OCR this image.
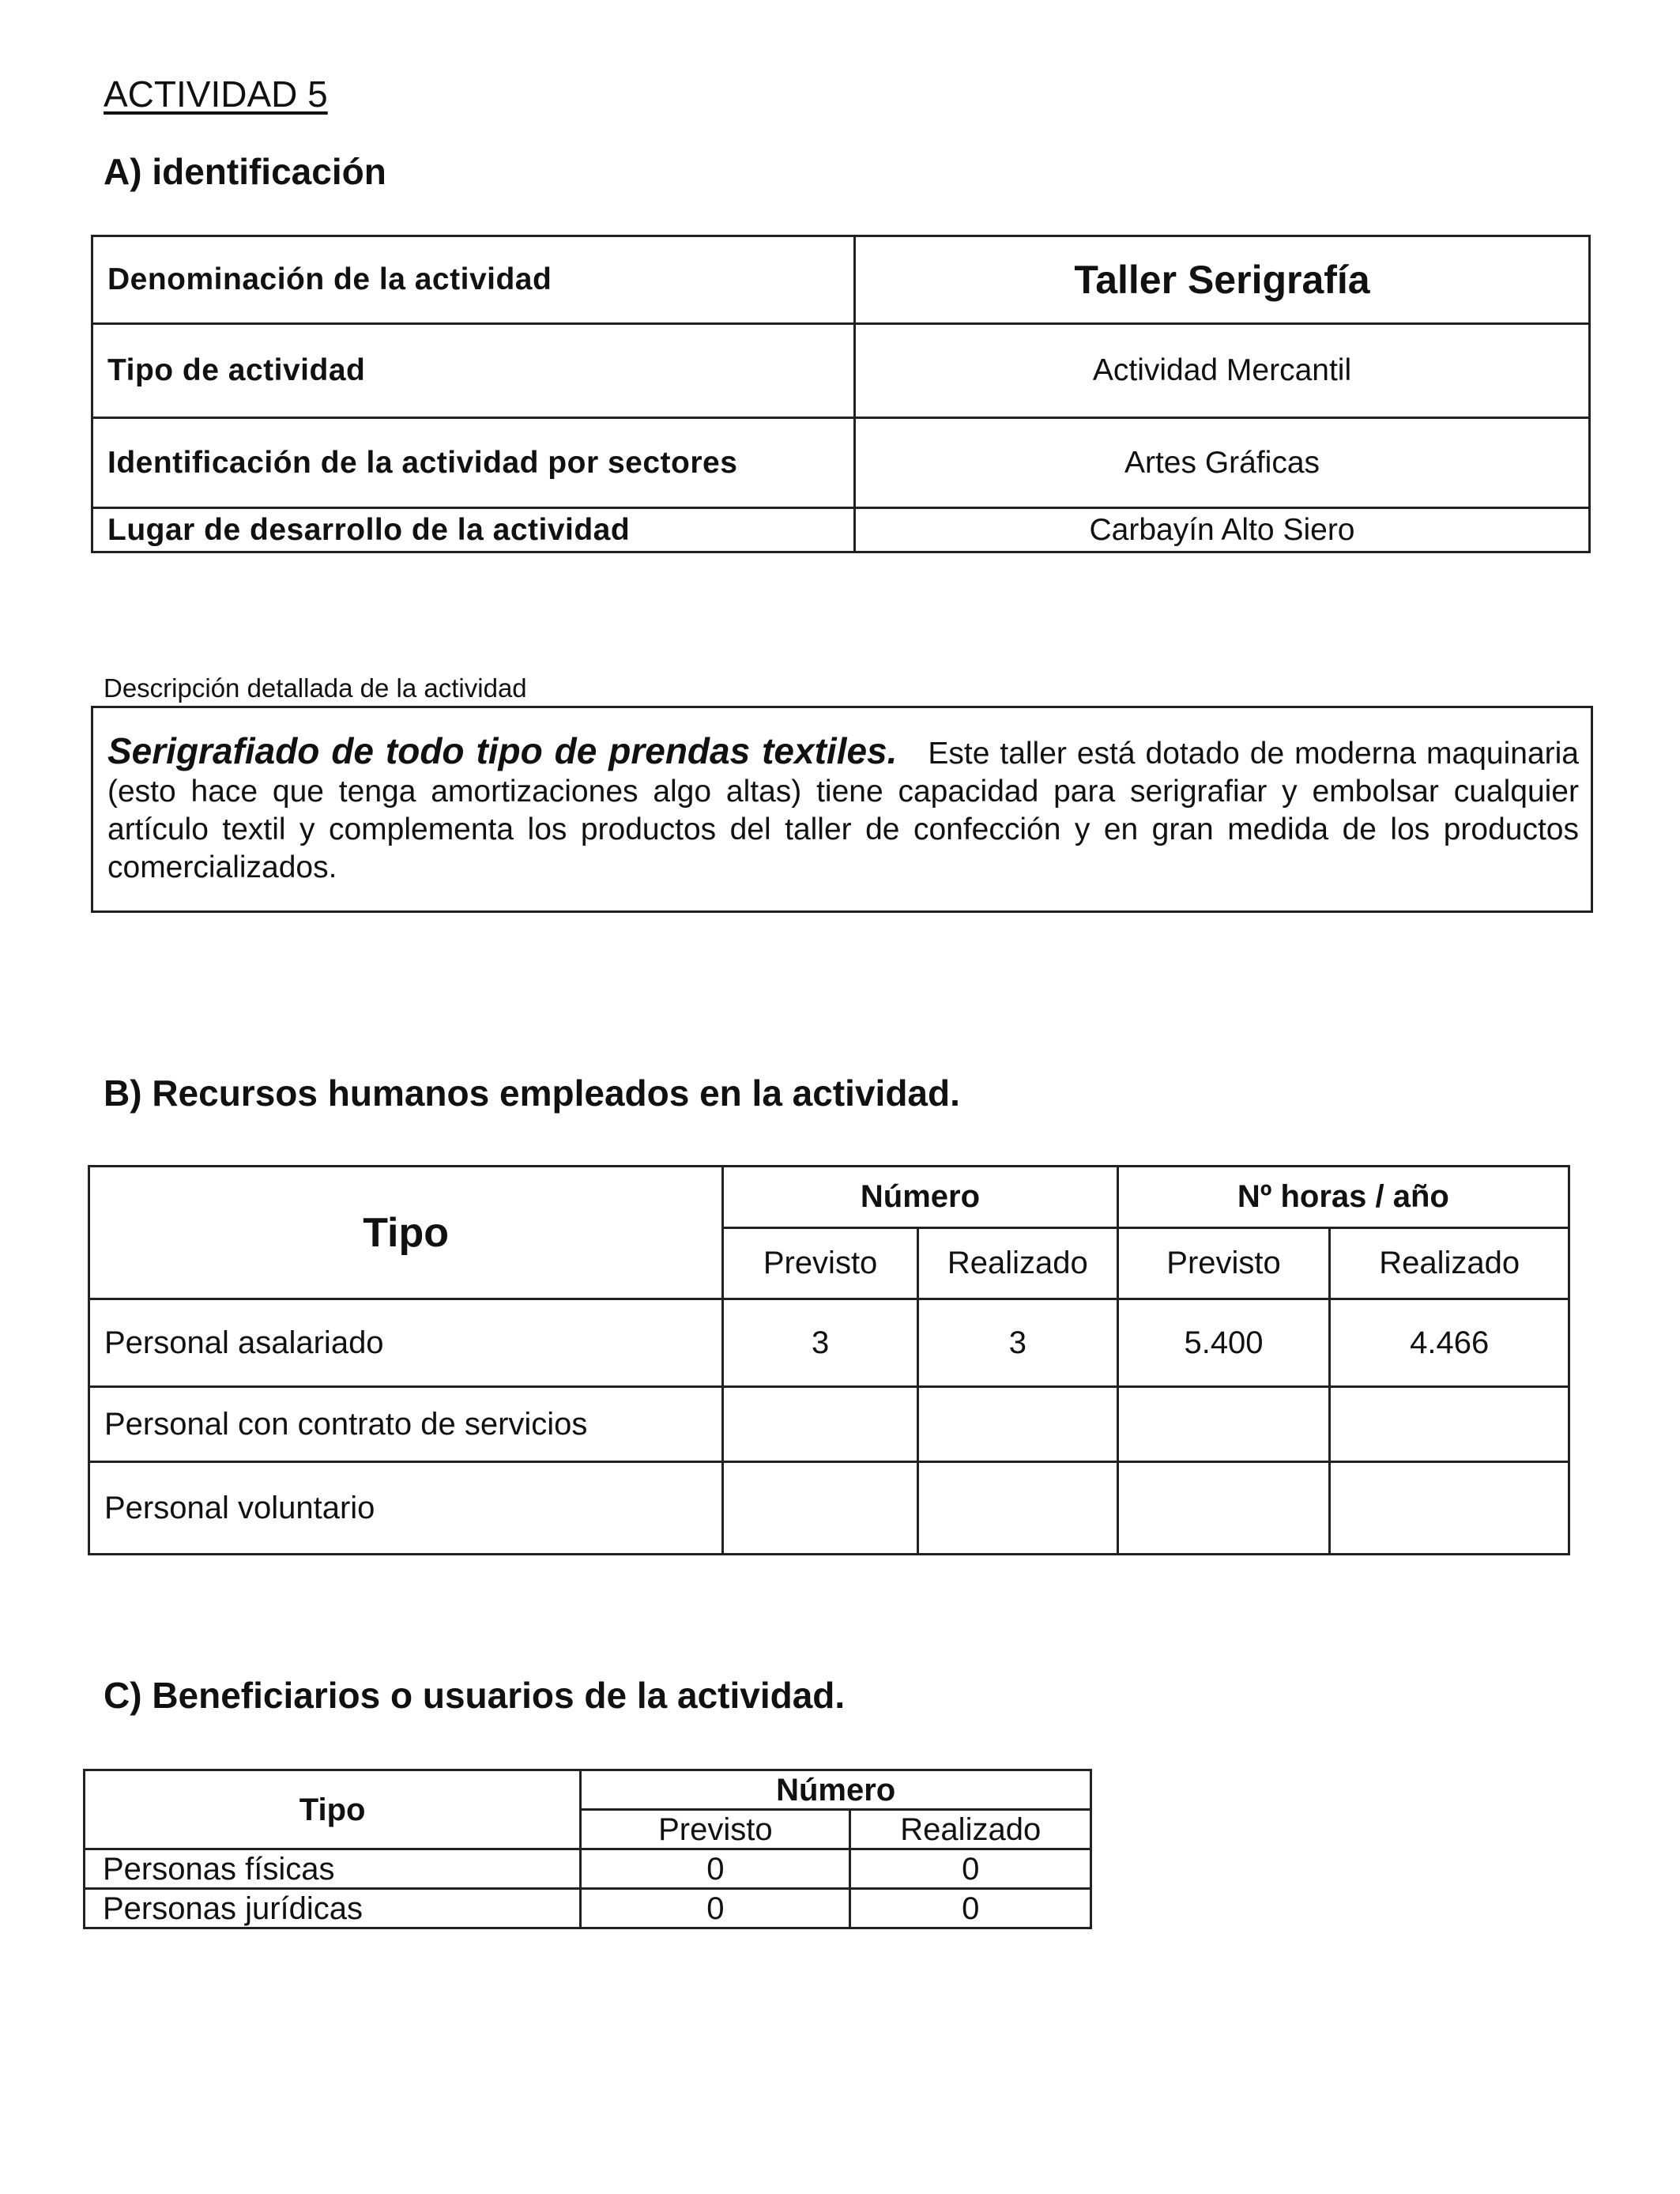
ACTIVIDAD 5
A) identificación
Denominación de la actividad	Taller Serigrafía
Tipo de actividad	Actividad Mercantil
Identificación de la actividad por sectores	Artes Gráficas
Lugar de desarrollo de la actividad	Carbayín Alto Siero
Descripción detallada de la actividad
Serigrafiado de todo tipo de prendas textiles. Este taller está dotado de moderna maquinaria (esto hace que tenga amortizaciones algo altas) tiene capacidad para serigrafiar y embolsar cualquier artículo textil y complementa los productos del taller de confección y en gran medida de los productos comercializados.
B) Recursos humanos empleados en la actividad.
Tipo	Número		Nº horas / año	
	Previsto	Realizado	Previsto	Realizado
Personal asalariado	3	3	5.400	4.466
Personal con contrato de servicios				
Personal voluntario				
C) Beneficiarios o usuarios de la actividad.
Tipo	Número	
	Previsto	Realizado
Personas físicas	0	0
Personas jurídicas	0	0
